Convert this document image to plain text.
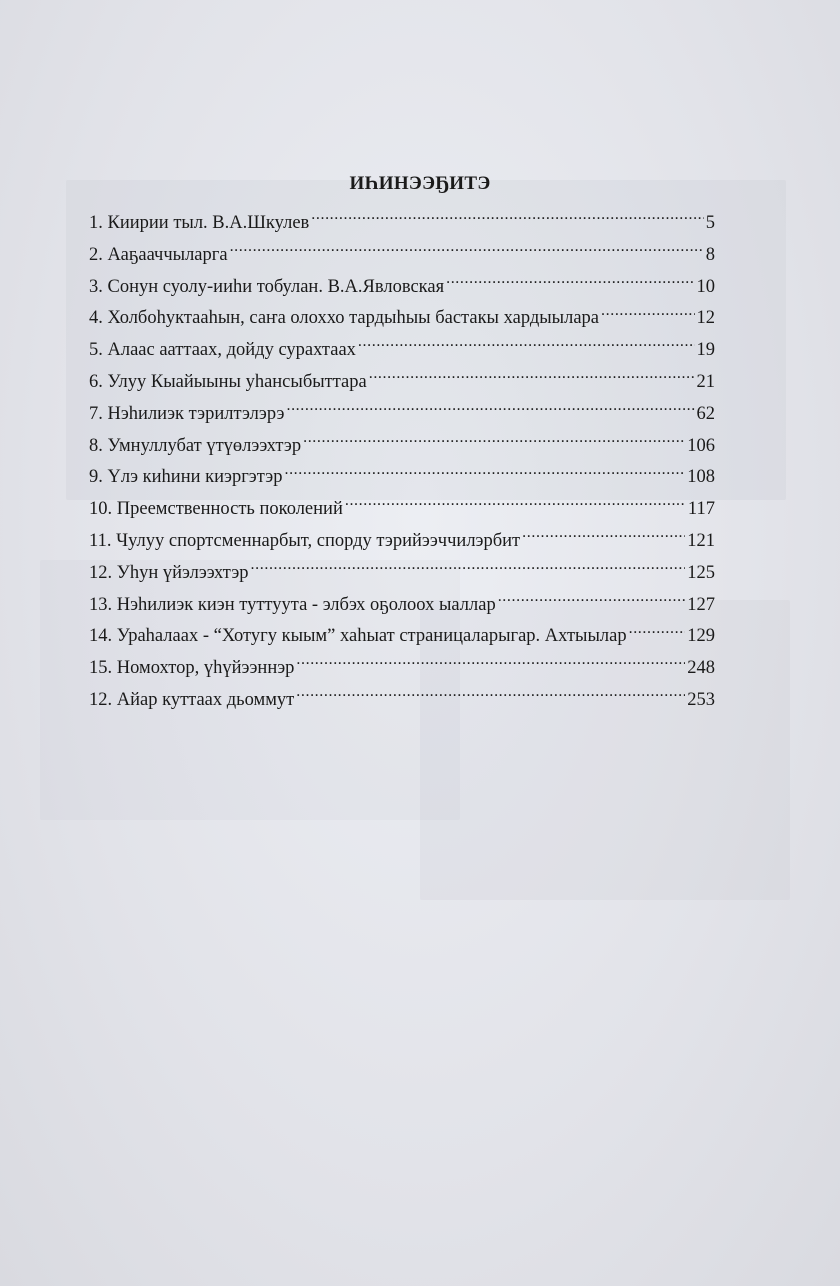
ИҺИНЭЭҔИТЭ
1. Киирии тыл. В.А.Шкулев .....	5
2. Ааҕааччыларга .....	8
3. Сонун суолу-ииһи тобулан. В.А.Явловская .....	10
4. Холбоһуктааһын, саҥа олоххо тардыһыы бастакы хардыылара .....	12
5. Алаас ааттаах, дойду сурахтаах .....	19
6. Улуу Кыайыыны уһансыбыттара .....	21
7. Нэһилиэк тэрилтэлэрэ .....	62
8. Умнуллубат үтүөлээхтэр .....	106
9. Үлэ киһини киэргэтэр .....	108
10. Преемственность поколений .....	117
11. Чулуу спортсменнарбыт, спорду тэрийээччилэрбит .....	121
12. Уһун үйэлээхтэр .....	125
13. Нэһилиэк киэн туттуута - элбэх оҕолоох ыаллар .....	127
14. Ураһалаах - “Хотугу кыым” хаһыат страницаларыгар. Ахтыылар .....	129
15. Номохтор, үһүйээннэр .....	248
12. Айар куттаах дьоммут .....	253
